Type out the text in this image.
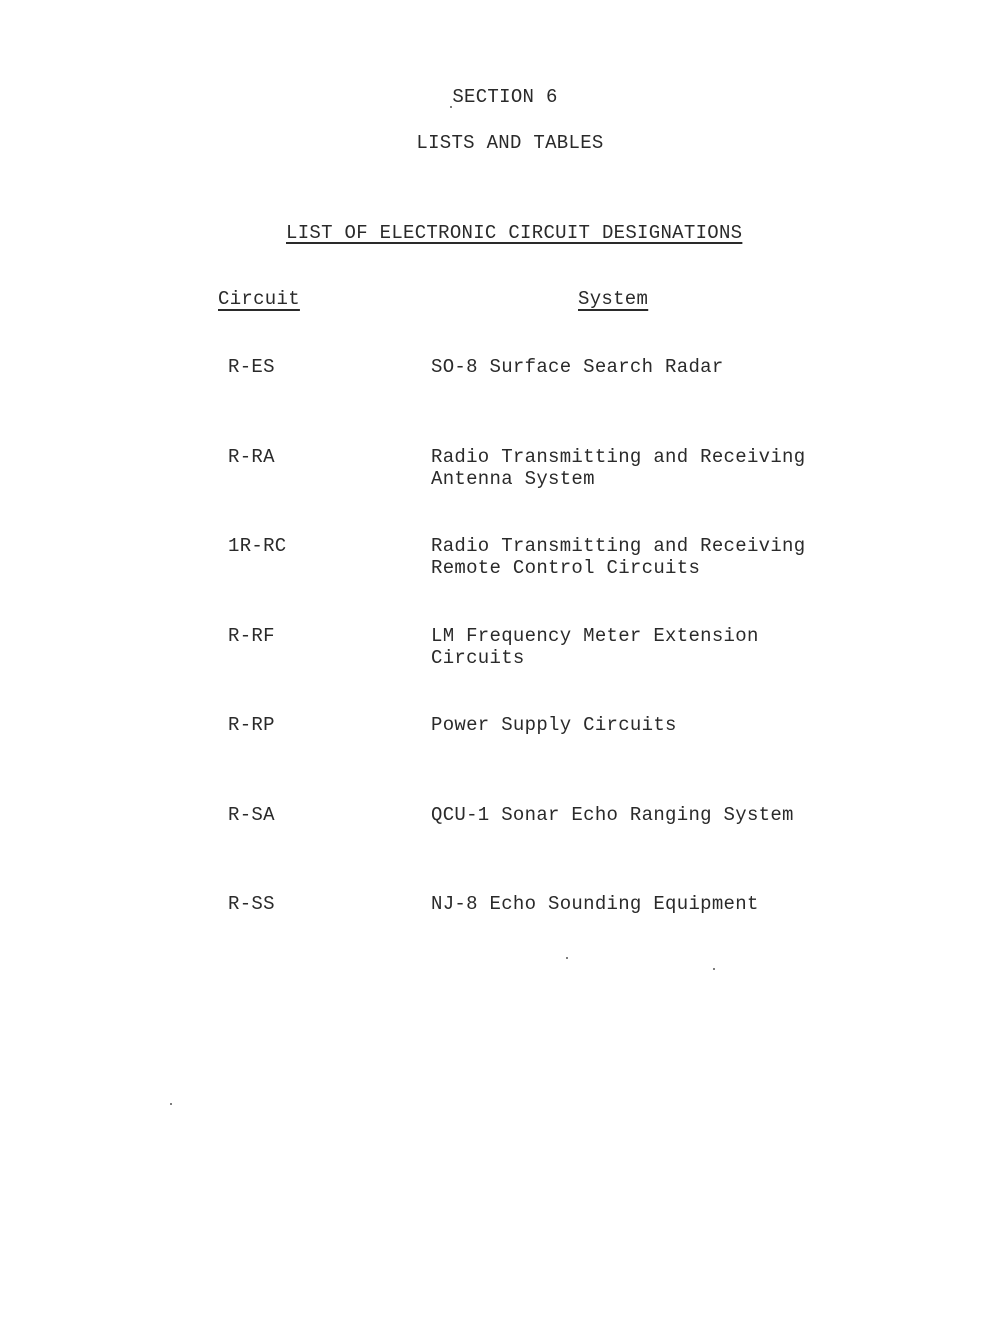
SECTION 6
LISTS AND TABLES
LIST OF ELECTRONIC CIRCUIT DESIGNATIONS
Circuit	System
R-ES	SO-8 Surface Search Radar
R-RA	Radio Transmitting and Receiving
Antenna System
1R-RC	Radio Transmitting and Receiving
Remote Control Circuits
R-RF	LM Frequency Meter Extension
Circuits
R-RP	Power Supply Circuits
R-SA	QCU-1 Sonar Echo Ranging System
R-SS	NJ-8 Echo Sounding Equipment
